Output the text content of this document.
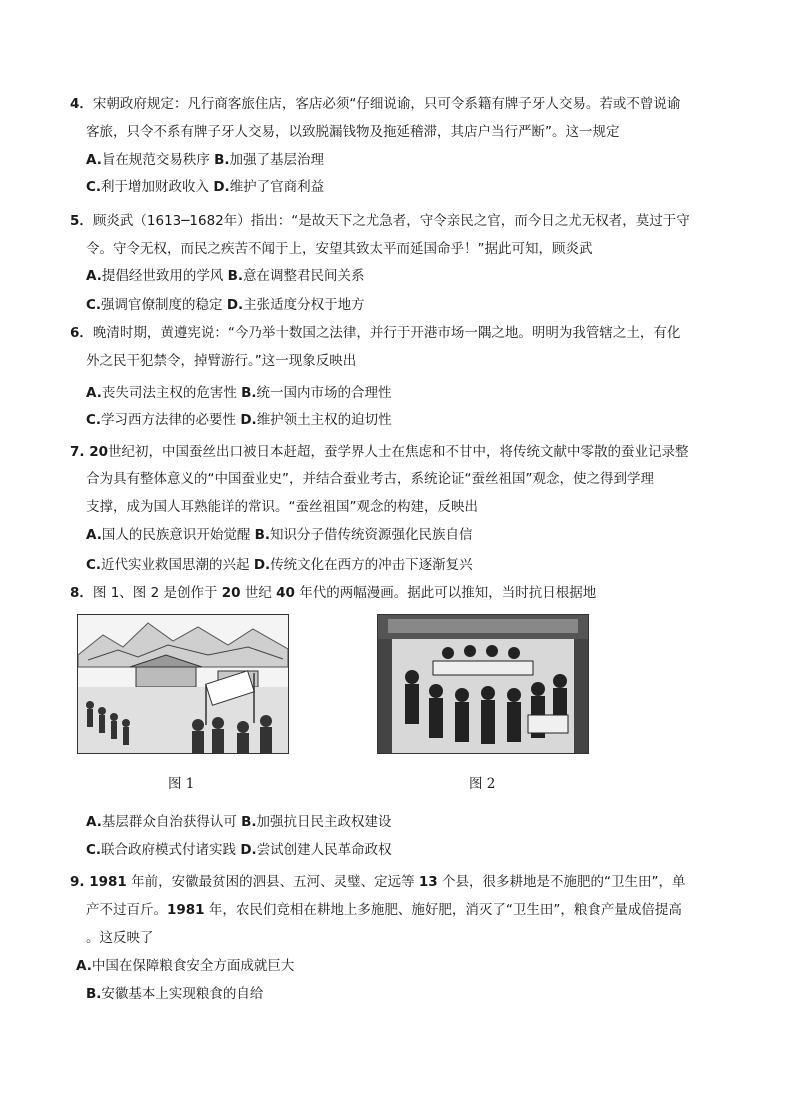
4．宋朝政府规定：凡行商客旅住店，客店必须“仔细说谕，只可令系籍有牌子牙人交易。若或不曾说谕
客旅，只令不系有牌子牙人交易，以致脱漏钱物及拖延稽滞，其店户当行严断”。这一规定
A.旨在规范交易秩序 B.加强了基层治理
C.利于增加财政收入 D.维护了官商利益
5．顾炎武（1613─1682年）指出：“是故天下之尤急者，守令亲民之官，而今日之尤无权者，莫过于守
令。守令无权，而民之疾苦不闻于上，安望其致太平而延国命乎！”据此可知，顾炎武
A.提倡经世致用的学风 B.意在调整君民间关系
C.强调官僚制度的稳定 D.主张适度分权于地方
6．晚清时期，黄遵宪说：“今乃举十数国之法律，并行于开港市场一隅之地。明明为我管辖之土，有化
外之民干犯禁令，掉臂游行。”这一现象反映出
A.丧失司法主权的危害性 B.统一国内市场的合理性
C.学习西方法律的必要性 D.维护领土主权的迫切性
7. 20世纪初，中国蚕丝出口被日本赶超，蚕学界人士在焦虑和不甘中，将传统文献中零散的蚕业记录整
合为具有整体意义的“中国蚕业史”，并结合蚕业考古，系统论证“蚕丝祖国”观念，使之得到学理
支撑，成为国人耳熟能详的常识。“蚕丝祖国”观念的构建，反映出
A.国人的民族意识开始觉醒 B.知识分子借传统资源强化民族自信
C.近代实业救国思潮的兴起 D.传统文化在西方的冲击下逐渐复兴
8．图 1、图 2 是创作于 20 世纪 40 年代的两幅漫画。据此可以推知，当时抗日根据地
图 1	图 2
A.基层群众自治获得认可 B.加强抗日民主政权建设
C.联合政府模式付诸实践 D.尝试创建人民革命政权
9. 1981 年前，安徽最贫困的泗县、五河、灵璧、定远等 13 个县，很多耕地是不施肥的“卫生田”，单
产不过百斤。1981 年，农民们竞相在耕地上多施肥、施好肥，消灭了“卫生田”，粮食产量成倍提高
。这反映了
A.中国在保障粮食安全方面成就巨大
B.安徽基本上实现粮食的自给
